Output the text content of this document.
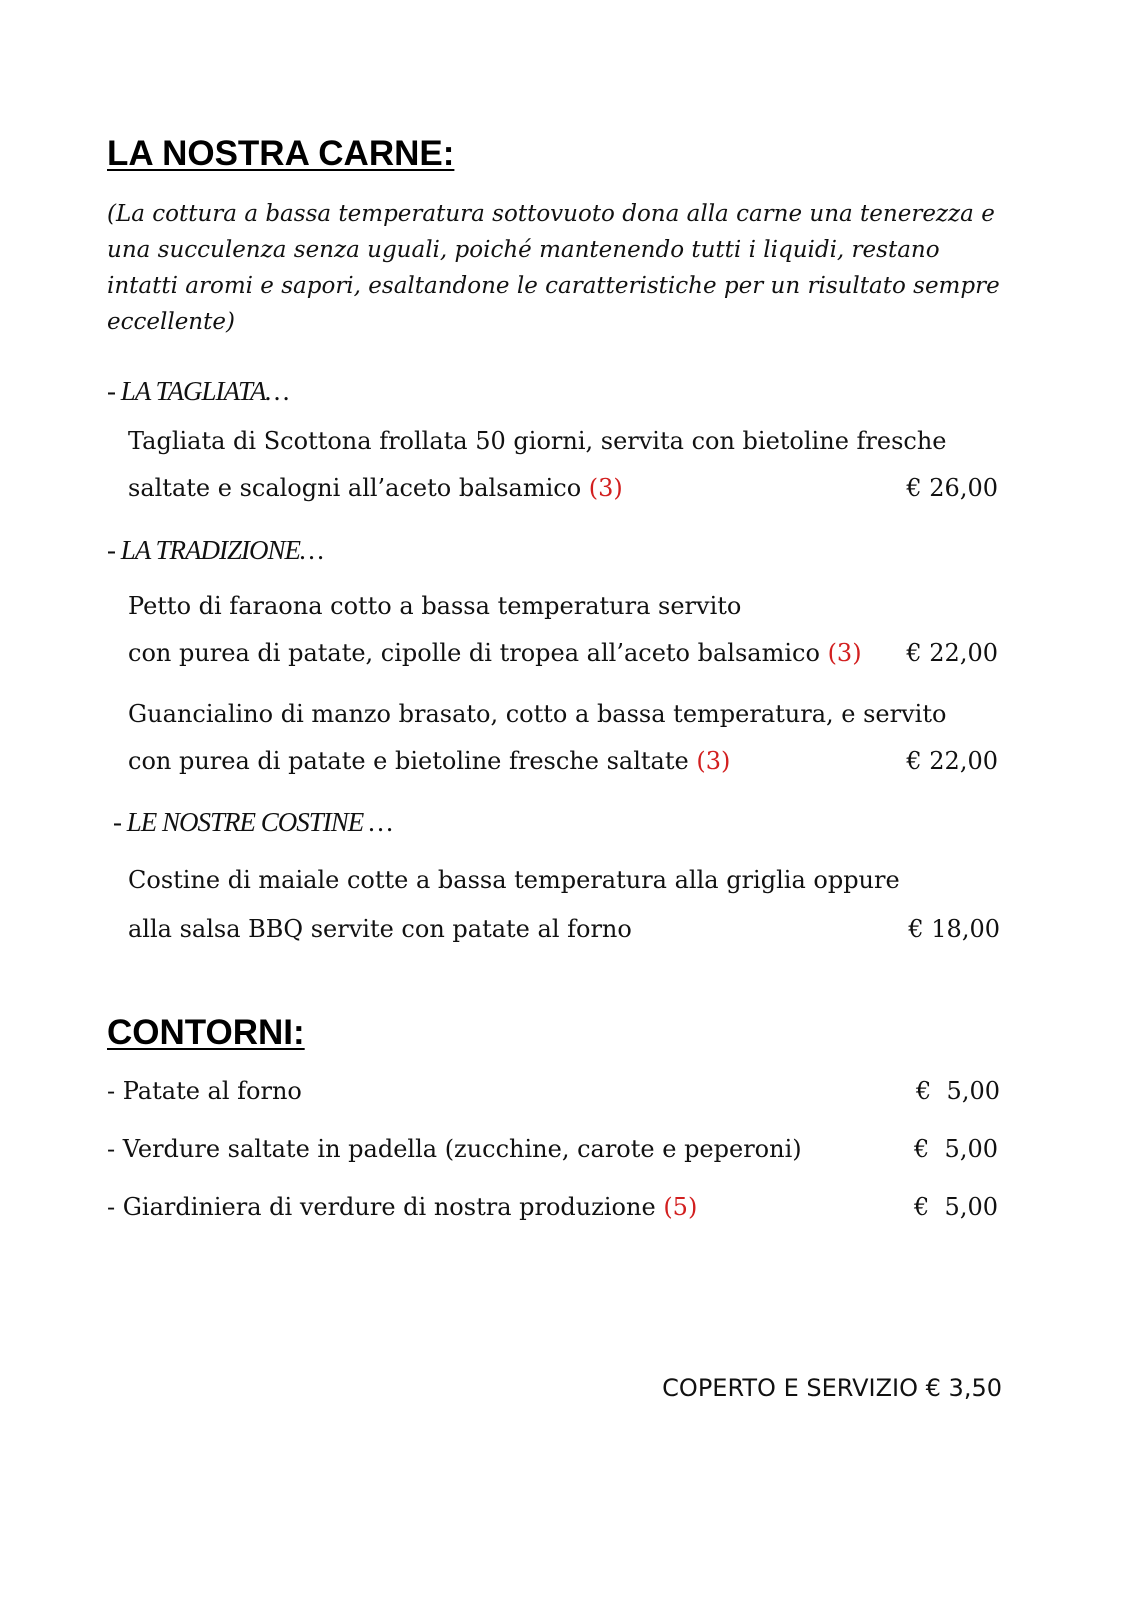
LA NOSTRA CARNE:
(La cottura a bassa temperatura sottovuoto dona alla carne una tenerezza e una succulenza senza uguali, poiché mantenendo tutti i liquidi, restano intatti aromi e sapori, esaltandone le caratteristiche per un risultato sempre eccellente)
- LA TAGLIATA…
Tagliata di Scottona frollata 50 giorni, servita con bietoline fresche
saltate e scalogni all’aceto balsamico (3)	€ 26,00
- LA TRADIZIONE…
Petto di faraona cotto a bassa temperatura servito
con purea di patate, cipolle di tropea all’aceto balsamico (3)	€ 22,00
Guancialino di manzo brasato, cotto a bassa temperatura, e servito
con purea di patate e bietoline fresche saltate (3)	€ 22,00
- LE NOSTRE COSTINE …
Costine di maiale cotte a bassa temperatura alla griglia oppure
alla salsa BBQ servite con patate al forno	€ 18,00
CONTORNI:
- Patate al forno	€  5,00
- Verdure saltate in padella (zucchine, carote e peperoni)	€  5,00
- Giardiniera di verdure di nostra produzione (5)	€  5,00
COPERTO E SERVIZIO € 3,50
